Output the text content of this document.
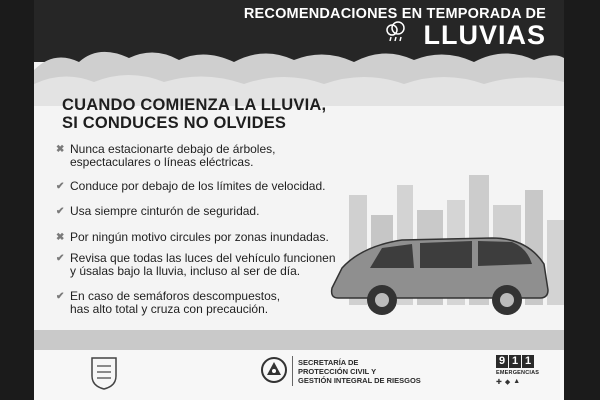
RECOMENDACIONES EN TEMPORADA DE
LLUVIAS
CUANDO COMIENZA LA LLUVIA,
SI CONDUCES NO OLVIDES
SECRETARÍA DE
PROTECCIÓN CIVIL Y
GESTIÓN INTEGRAL DE RIESGOS
9 1 1
EMERGENCIAS
✚ ◆ ▲
✖ Nunca estacionarte debajo de árboles,
espectaculares o líneas eléctricas.
✔ Conduce por debajo de los límites de velocidad.
✔ Usa siempre cinturón de seguridad.
✖ Por ningún motivo circules por zonas inundadas.
✔ Revisa que todas las luces del vehículo funcionen
y úsalas bajo la lluvia, incluso al ser de día.
✔ En caso de semáforos descompuestos,
has alto total y cruza con precaución.
